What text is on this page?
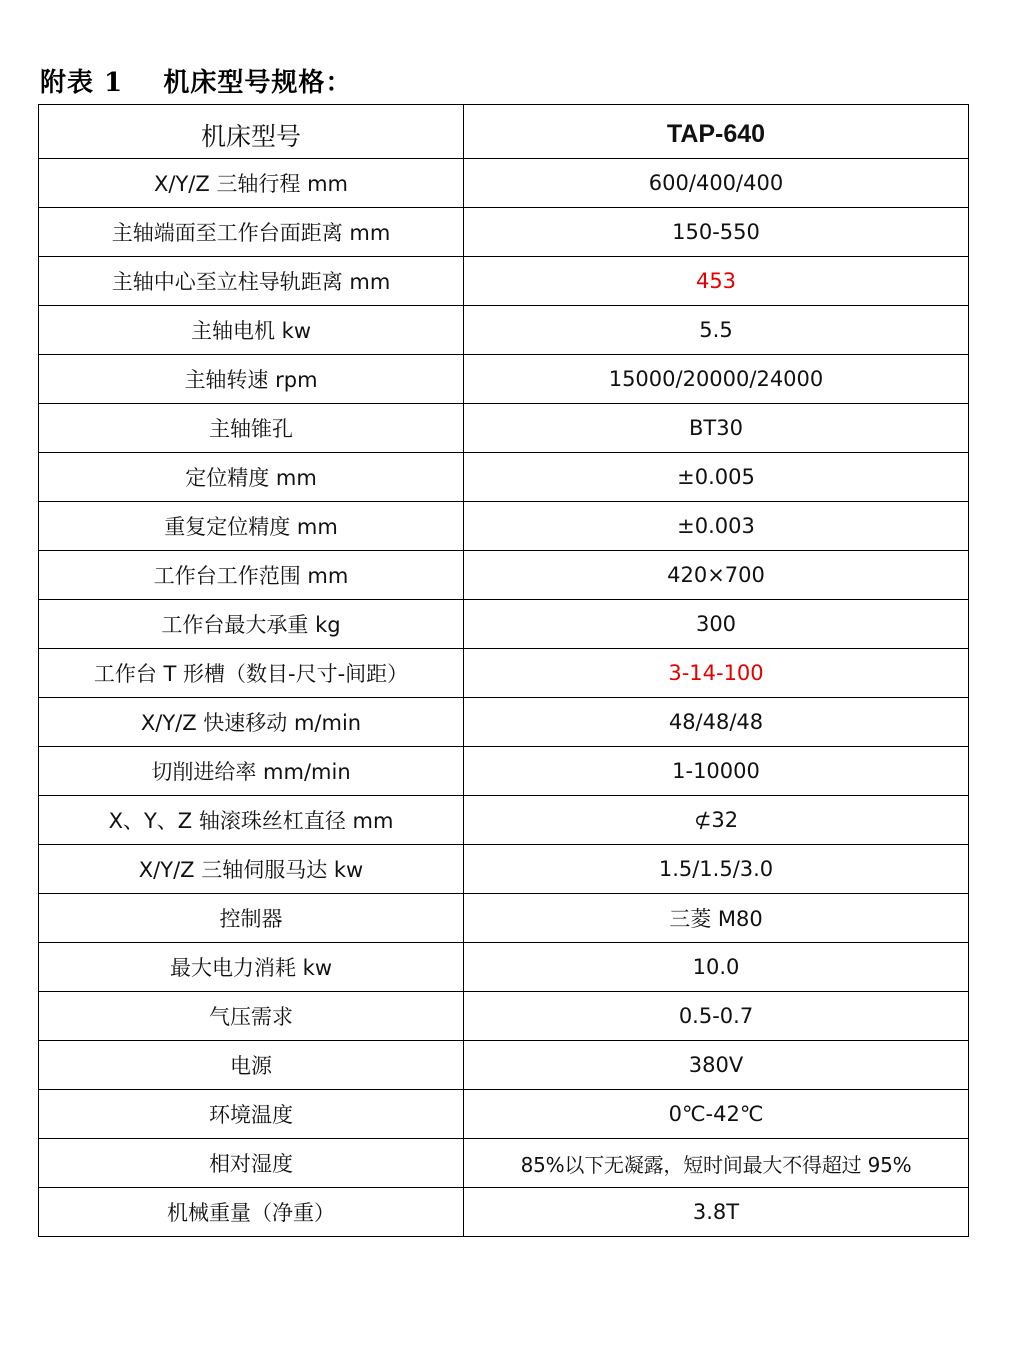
附表 1    机床型号规格：
机床型号	TAP-640
X/Y/Z 三轴行程 mm	600/400/400
主轴端面至工作台面距离 mm	150-550
主轴中心至立柱导轨距离 mm	453
主轴电机 kw	5.5
主轴转速 rpm	15000/20000/24000
主轴锥孔	BT30
定位精度 mm	±0.005
重复定位精度 mm	±0.003
工作台工作范围 mm	420×700
工作台最大承重 kg	300
工作台 T 形槽（数目-尺寸-间距）	3-14-100
X/Y/Z 快速移动 m/min	48/48/48
切削进给率 mm/min	1-10000
X、Y、Z 轴滚珠丝杠直径 mm	⊄32
X/Y/Z 三轴伺服马达 kw	1.5/1.5/3.0
控制器	三菱 M80
最大电力消耗 kw	10.0
气压需求	0.5-0.7
电源	380V
环境温度	0℃-42℃
相对湿度	85%以下无凝露，短时间最大不得超过 95%
机械重量（净重）	3.8T
